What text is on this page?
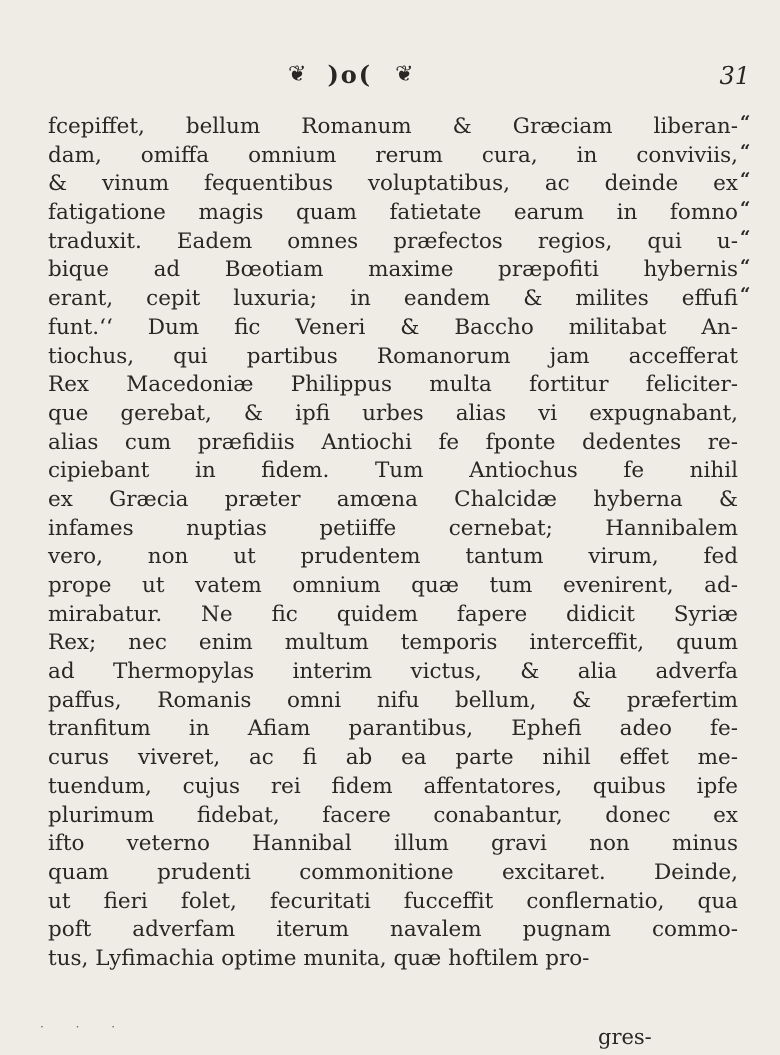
❦ )o( ❦	31
fcepiffet, bellum Romanum & Græciam liberan-
dam, omiffa omnium rerum cura, in conviviis,
& vinum fequentibus voluptatibus, ac deinde ex
fatigatione magis quam fatietate earum in fomno
traduxit. Eadem omnes præfectos regios, qui u-
bique ad Bœotiam maxime præpofiti hybernis
erant, cepit luxuria; in eandem & milites effufi
funt.‘‘ Dum fic Veneri & Baccho militabat An-
tiochus, qui partibus Romanorum jam accefferat
Rex Macedoniæ Philippus multa fortitur feliciter-
que gerebat, & ipfi urbes alias vi expugnabant,
alias cum præfidiis Antiochi fe fponte dedentes re-
cipiebant in fidem. Tum Antiochus fe nihil
ex Græcia præter amœna Chalcidæ hyberna &
infames nuptias petiiffe cernebat; Hannibalem
vero, non ut prudentem tantum virum, fed
prope ut vatem omnium quæ tum evenirent, ad-
mirabatur. Ne fic quidem fapere didicit Syriæ
Rex; nec enim multum temporis interceffit, quum
ad Thermopylas interim victus, & alia adverfa
paffus, Romanis omni nifu bellum, & præfertim
tranfitum in Afiam parantibus, Ephefi adeo fe-
curus viveret, ac fi ab ea parte nihil effet me-
tuendum, cujus rei fidem affentatores, quibus ipfe
plurimum fidebat, facere conabantur, donec ex
ifto veterno Hannibal illum gravi non minus
quam prudenti commonitione excitaret. Deinde,
ut fieri folet, fecuritati fucceffit conflernatio, qua
poft adverfam iterum navalem pugnam commo-
tus, Lyfimachia optime munita, quæ hoftilem pro-
· · ·	gres-
“
“
“
“
“
“
“
